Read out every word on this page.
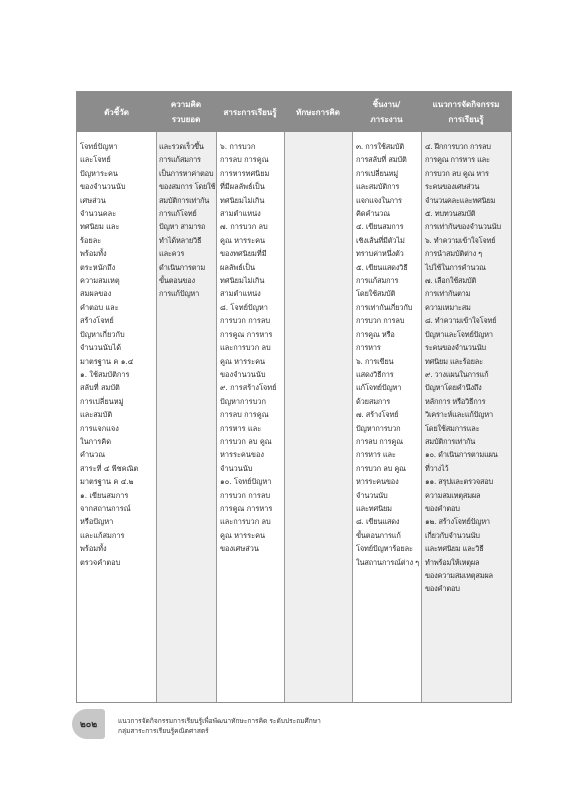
ตัวชี้วัด
ความคิด
รวบยอด
สาระการเรียนรู้ ทักษะการคิด
ชิ้นงาน/
ภาระงาน
แนวการจัดกิจกรรม
การเรียนรู้
โจทย์ปัญหา
และโจทย์
ปัญหาระคน
ของจำนวนนับ
เศษส่วน
จำนวนคละ
ทศนิยม และ
ร้อยละ
พร้อมทั้ง
ตระหนักถึง
ความสมเหตุ
สมผลของ
คำตอบ และ
สร้างโจทย์
ปัญหาเกี่ยวกับ
จำนวนนับได้
มาตรฐาน ค ๑.๔
๑. ใช้สมบัติการ
สลับที่ สมบัติ
การเปลี่ยนหมู่
และสมบัติ
การแจกแจง
ในการคิด
คำนวณ
สาระที่ ๔ พีชคณิต
มาตรฐาน ค ๔.๒
๑. เขียนสมการ
จากสถานการณ์
หรือปัญหา
และแก้สมการ
พร้อมทั้ง
ตรวจคำตอบ
และรวดเร็วขึ้น
การแก้สมการ
เป็นการหาค่าตอบ
ของสมการ โดยใช้
สมบัติการเท่ากัน
การแก้โจทย์
ปัญหา สามารถ
ทำได้หลายวิธี
และควร
ดำเนินการตาม
ขั้นตอนของ
การแก้ปัญหา
๖. การบวก
การลบ การคูณ
การหารทศนิยม
ที่มีผลลัพธ์เป็น
ทศนิยมไม่เกิน
สามตำแหน่ง
๗. การบวก ลบ
คูณ หารระคน
ของทศนิยมที่มี
ผลลัพธ์เป็น
ทศนิยมไม่เกิน
สามตำแหน่ง
๘. โจทย์ปัญหา
การบวก การลบ
การคูณ การหาร
และการบวก ลบ
คูณ หารระคน
ของจำนวนนับ
๙. การสร้างโจทย์
ปัญหาการบวก
การลบ การคูณ
การหาร และ
การบวก ลบ คูณ
หารระคนของ
จำนวนนับ
๑๐. โจทย์ปัญหา
การบวก การลบ
การคูณ การหาร
และการบวก ลบ
คูณ หารระคน
ของเศษส่วน
๓. การใช้สมบัติ
การสลับที่ สมบัติ
การเปลี่ยนหมู่
และสมบัติการ
แจกแจงในการ
คิดคำนวณ
๔. เขียนสมการ
เชิงเส้นที่มีตัวไม่
ทราบค่าหนึ่งตัว
๕. เขียนแสดงวิธี
การแก้สมการ
โดยใช้สมบัติ
การเท่ากันเกี่ยวกับ
การบวก การลบ
การคูณ หรือ
การหาร
๖. การเขียน
แสดงวิธีการ
แก้โจทย์ปัญหา
ด้วยสมการ
๗. สร้างโจทย์
ปัญหาการบวก
การลบ การคูณ
การหาร และ
การบวก ลบ คูณ
หารระคนของ
จำนวนนับ
และทศนิยม
๘. เขียนแสดง
ขั้นตอนการแก้
โจทย์ปัญหาร้อยละ
ในสถานการณ์ต่าง ๆ
๔. ฝึกการบวก การลบ
การคูณ การหาร และ
การบวก ลบ คูณ หาร
ระคนของเศษส่วน
จำนวนคละและทศนิยม
๕. ทบทวนสมบัติ
การเท่ากันของจำนวนนับ
๖. ทำความเข้าใจโจทย์
การนำสมบัติต่าง ๆ
ไปใช้ในการคำนวณ
๗. เลือกใช้สมบัติ
การเท่ากันตาม
ความเหมาะสม
๘. ทำความเข้าใจโจทย์
ปัญหาและโจทย์ปัญหา
ระคนของจำนวนนับ
ทศนิยม และร้อยละ
๙. วางแผนในการแก้
ปัญหาโดยคำนึงถึง
หลักการ หรือวิธีการ
วิเคราะห์และแก้ปัญหา
โดยใช้สมการและ
สมบัติการเท่ากัน
๑๐. ดำเนินการตามแผน
ที่วางไว้
๑๑. สรุปและตรวจสอบ
ความสมเหตุสมผล
ของคำตอบ
๑๒. สร้างโจทย์ปัญหา
เกี่ยวกับจำนวนนับ
และทศนิยม และวิธี
ทำพร้อมให้เหตุผล
ของความสมเหตุสมผล
ของคำตอบ
๒๐๒	แนวการจัดกิจกรรมการเรียนรู้เพื่อพัฒนาทักษะการคิด ระดับประถมศึกษา
กลุ่มสาระการเรียนรู้คณิตศาสตร์
